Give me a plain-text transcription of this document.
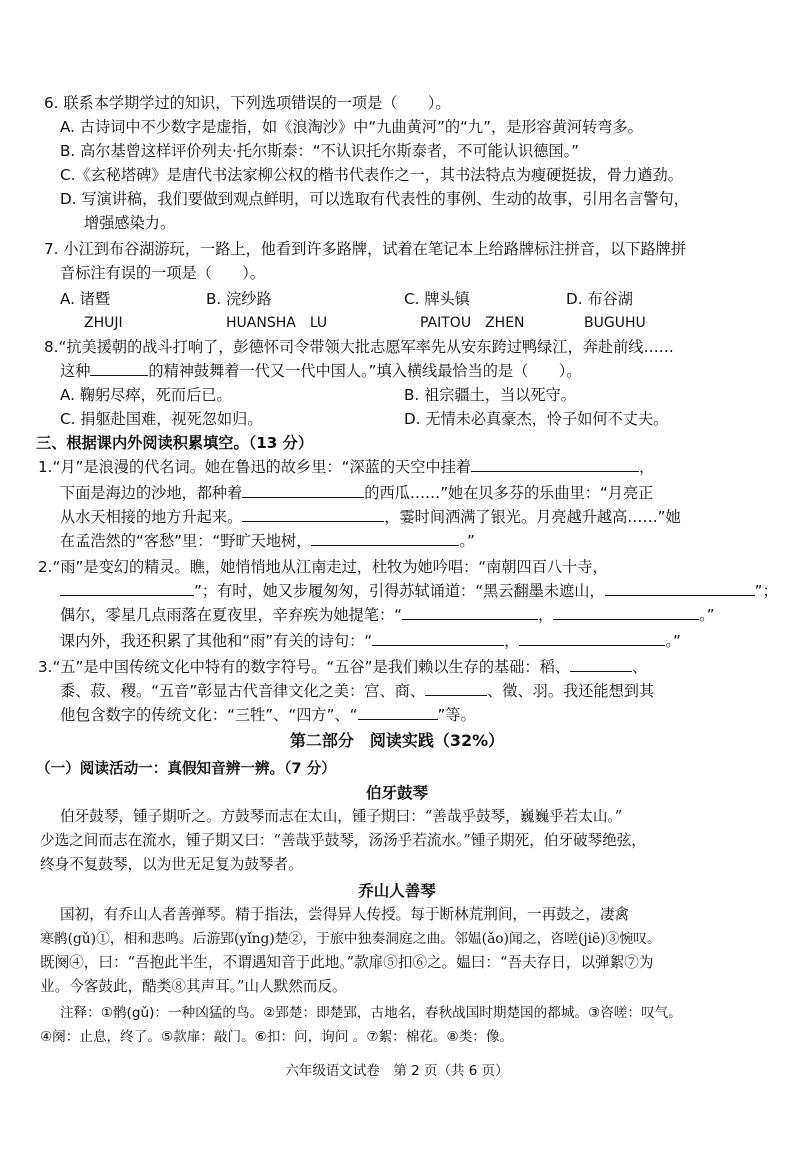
6. 联系本学期学过的知识，下列选项错误的一项是（　　）。
A. 古诗词中不少数字是虚指，如《浪淘沙》中“九曲黄河”的“九”，是形容黄河转弯多。
B. 高尔基曾这样评价列夫·托尔斯泰：“不认识托尔斯泰者，不可能认识德国。”
C.《玄秘塔碑》是唐代书法家柳公权的楷书代表作之一，其书法特点为瘦硬挺拔，骨力遒劲。
D. 写演讲稿，我们要做到观点鲜明，可以选取有代表性的事例、生动的故事，引用名言警句，
增强感染力。
7. 小江到布谷湖游玩，一路上，他看到许多路牌，试着在笔记本上给路牌标注拼音，以下路牌拼
音标注有误的一项是（　　）。
A. 诸暨	B. 浣纱路	C. 牌头镇	D. 布谷湖
ZHUJI	HUANSHA　LU	PAITOU　ZHEN	BUGUHU
8.“抗美援朝的战斗打响了，彭德怀司令带领大批志愿军率先从安东跨过鸭绿江，奔赴前线……
这种	的精神鼓舞着一代又一代中国人。”填入横线最恰当的是（　　）。
A. 鞠躬尽瘁，死而后已。	B. 祖宗疆土，当以死守。
C. 捐躯赴国难，视死忽如归。	D. 无情未必真豪杰，怜子如何不丈夫。
三、根据课内外阅读积累填空。（13 分）
1.“月”是浪漫的代名词。她在鲁迅的故乡里：“深蓝的天空中挂着	，
下面是海边的沙地，都种着	的西瓜……”她在贝多芬的乐曲里：“月亮正
从水天相接的地方升起来。	，霎时间洒满了银光。月亮越升越高……”她
在孟浩然的“客愁”里：“野旷天地树，	。”
2.“雨”是变幻的精灵。瞧，她悄悄地从江南走过，杜牧为她吟唱：“南朝四百八十寺，
”；有时，她又步履匆匆，引得苏轼诵道：“黑云翻墨未遮山，	”；
偶尔，零星几点雨落在夏夜里，辛弃疾为她提笔：“	，	。”
课内外，我还积累了其他和“雨”有关的诗句：“	，	。”
3.“五”是中国传统文化中特有的数字符号。“五谷”是我们赖以生存的基础：稻、	、
黍、菽、稷。“五音”彰显古代音律文化之美：宫、商、	、徵、羽。我还能想到其
他包含数字的传统文化：“三牲”、“四方”、“	”等。
第二部分　阅读实践（32%）
（一）阅读活动一：真假知音辨一辨。（7 分）
伯牙鼓琴
伯牙鼓琴，锺子期听之。方鼓琴而志在太山，锺子期曰：“善哉乎鼓琴，巍巍乎若太山。”
少选之间而志在流水，锺子期又曰：“善哉乎鼓琴，汤汤乎若流水。”锺子期死，伯牙破琴绝弦，
终身不复鼓琴，以为世无足复为鼓琴者。
乔山人善琴
国初，有乔山人者善弹琴。精于指法，尝得异人传授。每于断林荒荆间，一再鼓之，凄禽
寒鹘(gǔ)①，相和悲鸣。后游郢(yǐng)楚②，于旅中独奏洞庭之曲。邻媪(ǎo)闻之，咨嗟(jiē)③惋叹。
既阕④，曰：“吾抱此半生，不谓遇知音于此地。”款扉⑤扣⑥之。媪曰：“吾夫存日，以弹絮⑦为
业。今客鼓此，酷类⑧其声耳。”山人默然而反。
注释：①鹘(gǔ)：一种凶猛的鸟。②郢楚：即楚郢，古地名，春秋战国时期楚国的都城。③咨嗟：叹气。
④阕：止息，终了。⑤款扉：敲门。⑥扣：问，询问 。⑦絮：棉花。⑧类：像。
六年级语文试卷　第 2 页（共 6 页）
